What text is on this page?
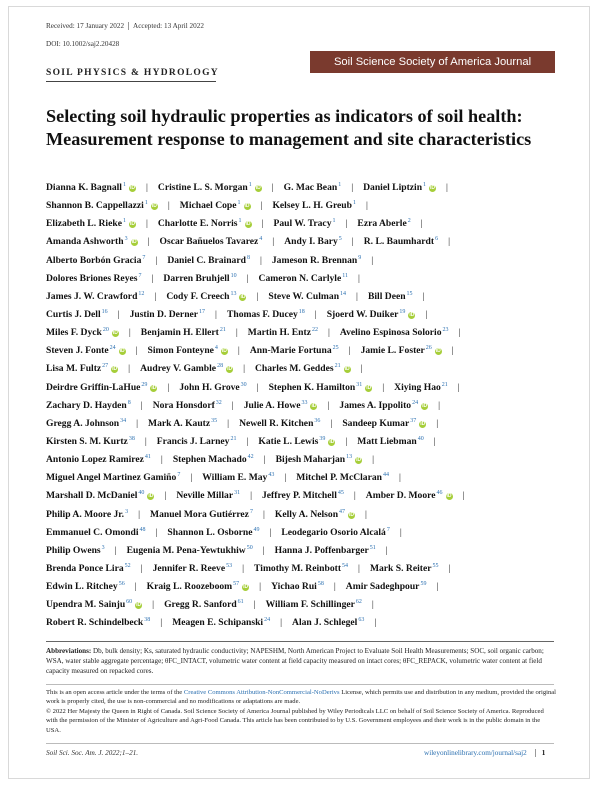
Received: 17 January 2022 Accepted: 13 April 2022
DOI: 10.1002/saj2.20428
SOIL PHYSICS & HYDROLOGY
Soil Science Society of America Journal
Selecting soil hydraulic properties as indicators of soil health: Measurement response to management and site characteristics
Dianna K. Bagnall$^1$ iD | Cristine L. S. Morgan$^1$ iD | G. Mac Bean$^1$ | Daniel Liptzin$^1$ iD |
Shannon B. Cappellazzi$^1$ iD | Michael Cope$^1$ iD | Kelsey L. H. Greub$^1$ |
Elizabeth L. Rieke$^1$ iD | Charlotte E. Norris$^1$ iD | Paul W. Tracy$^1$ | Ezra Aberle$^2$ |
Amanda Ashworth$^3$ iD | Oscar Bañuelos Tavarez$^4$ | Andy I. Bary$^5$ | R. L. Baumhardt$^6$ |
Alberto Borbón Gracia$^7$ | Daniel C. Brainard$^8$ | Jameson R. Brennan$^9$ |
Dolores Briones Reyes$^7$ | Darren Bruhjell$^{10}$ | Cameron N. Carlyle$^{11}$ |
James J. W. Crawford$^{12}$ | Cody F. Creech$^{13}$ iD | Steve W. Culman$^{14}$ | Bill Deen$^{15}$ |
Curtis J. Dell$^{16}$ | Justin D. Derner$^{17}$ | Thomas F. Ducey$^{18}$ | Sjoerd W. Duiker$^{19}$ iD |
Miles F. Dyck$^{20}$ iD | Benjamin H. Ellert$^{21}$ | Martin H. Entz$^{22}$ | Avelino Espinosa Solorio$^{23}$ |
Steven J. Fonte$^{24}$ iD | Simon Fonteyne$^4$ iD | Ann-Marie Fortuna$^{25}$ | Jamie L. Foster$^{26}$ iD |
Lisa M. Fultz$^{27}$ iD | Audrey V. Gamble$^{28}$ iD | Charles M. Geddes$^{21}$ iD |
Deirdre Griffin-LaHue$^{29}$ iD | John H. Grove$^{30}$ | Stephen K. Hamilton$^{31}$ iD | Xiying Hao$^{21}$ |
Zachary D. Hayden$^8$ | Nora Honsdorf$^{32}$ | Julie A. Howe$^{33}$ iD | James A. Ippolito$^{24}$ iD |
Gregg A. Johnson$^{34}$ | Mark A. Kautz$^{35}$ | Newell R. Kitchen$^{36}$ | Sandeep Kumar$^{37}$ iD |
Kirsten S. M. Kurtz$^{38}$ | Francis J. Larney$^{21}$ | Katie L. Lewis$^{39}$ iD | Matt Liebman$^{40}$ |
Antonio Lopez Ramirez$^{41}$ | Stephen Machado$^{42}$ | Bijesh Maharjan$^{13}$ iD |
Miguel Angel Martinez Gamiño$^7$ | William E. May$^{43}$ | Mitchel P. McClaran$^{44}$ |
Marshall D. McDaniel$^{40}$ iD | Neville Millar$^{31}$ | Jeffrey P. Mitchell$^{45}$ | Amber D. Moore$^{46}$ iD |
Philip A. Moore Jr.$^3$ | Manuel Mora Gutiérrez$^7$ | Kelly A. Nelson$^{47}$ iD |
Emmanuel C. Omondi$^{48}$ | Shannon L. Osborne$^{49}$ | Leodegario Osorio Alcalá$^7$ |
Philip Owens$^3$ | Eugenia M. Pena-Yewtukhiw$^{50}$ | Hanna J. Poffenbarger$^{51}$ |
Brenda Ponce Lira$^{52}$ | Jennifer R. Reeve$^{53}$ | Timothy M. Reinbott$^{54}$ | Mark S. Reiter$^{55}$ |
Edwin L. Ritchey$^{56}$ | Kraig L. Roozeboom$^{57}$ iD | Yichao Rui$^{58}$ | Amir Sadeghpour$^{59}$ |
Upendra M. Sainju$^{60}$ iD | Gregg R. Sanford$^{61}$ | William F. Schillinger$^{62}$ |
Robert R. Schindelbeck$^{38}$ | Meagen E. Schipanski$^{24}$ | Alan J. Schlegel$^{63}$ |
Abbreviations: Db, bulk density; Ks, saturated hydraulic conductivity; NAPESHM, North American Project to Evaluate Soil Health Measurements; SOC, soil organic carbon; WSA, water stable aggregate percentage; θFC_INTACT, volumetric water content at field capacity measured on intact cores; θFC_REPACK, volumetric water content at field capacity measured on repacked cores.
This is an open access article under the terms of the Creative Commons Attribution-NonCommercial-NoDerivs License, which permits use and distribution in any medium, provided the original work is properly cited, the use is non-commercial and no modifications or adaptations are made.
© 2022 Her Majesty the Queen in Right of Canada. Soil Science Society of America Journal published by Wiley Periodicals LLC on behalf of Soil Science Society of America. Reproduced with the permission of the Minister of Agriculture and Agri-Food Canada. This article has been contributed to by U.S. Government employees and their work is in the public domain in the USA.
Soil Sci. Soc. Am. J. 2022;1–21.	wileyonlinelibrary.com/journal/saj2 1
